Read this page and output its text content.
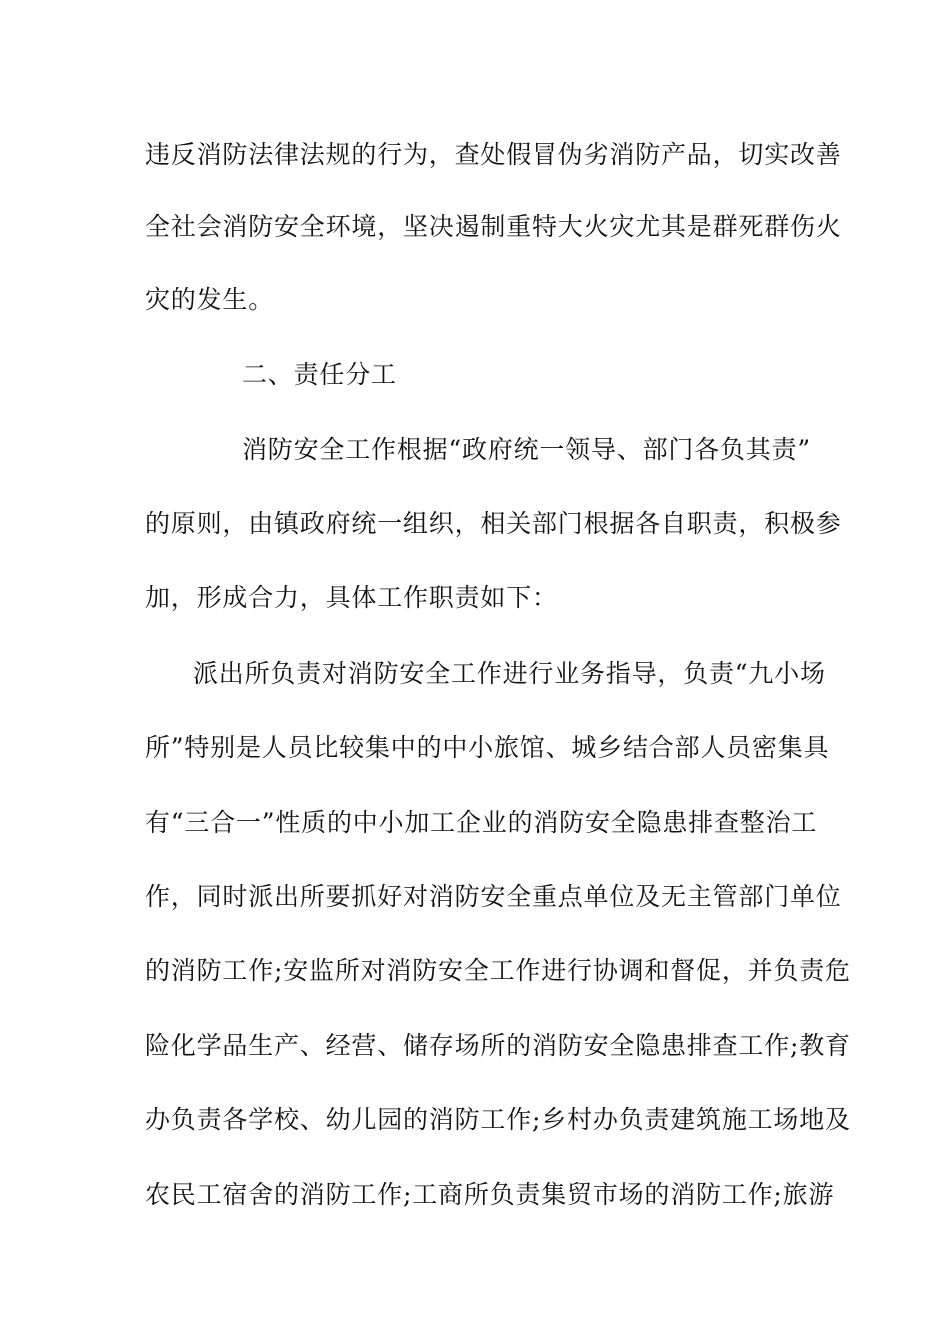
违反消防法律法规的行为，查处假冒伪劣消防产品，切实改善
全社会消防安全环境，坚决遏制重特大火灾尤其是群死群伤火
灾的发生。
二、责任分工
消防安全工作根据“政府统一领导、部门各负其责”
的原则，由镇政府统一组织，相关部门根据各自职责，积极参
加，形成合力，具体工作职责如下：
派出所负责对消防安全工作进行业务指导，负责“九小场
所”特别是人员比较集中的中小旅馆、城乡结合部人员密集具
有“三合一”性质的中小加工企业的消防安全隐患排查整治工
作，同时派出所要抓好对消防安全重点单位及无主管部门单位
的消防工作;安监所对消防安全工作进行协调和督促，并负责危
险化学品生产、经营、储存场所的消防安全隐患排查工作;教育
办负责各学校、幼儿园的消防工作;乡村办负责建筑施工场地及
农民工宿舍的消防工作;工商所负责集贸市场的消防工作;旅游
